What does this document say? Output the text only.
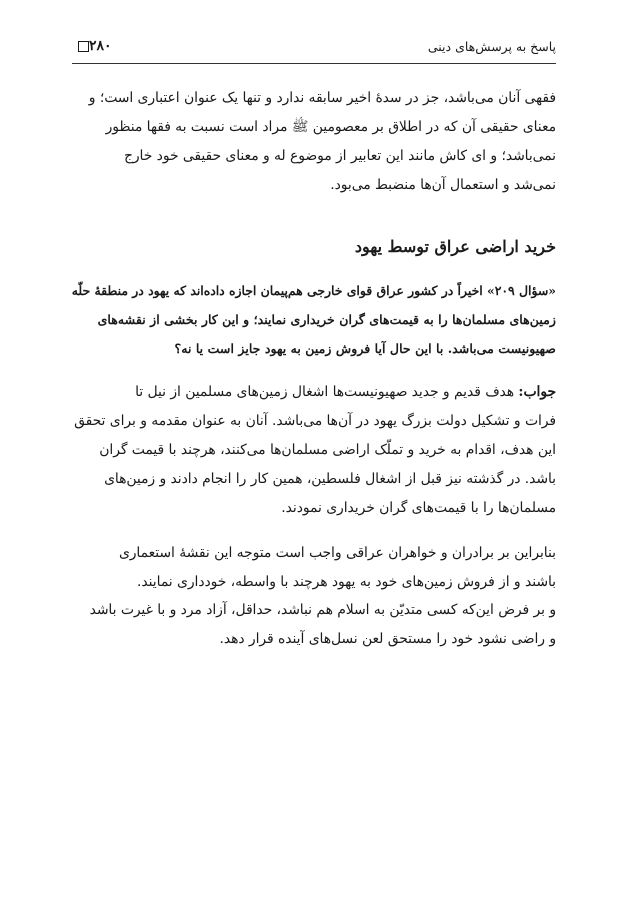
۲۸۰	پاسخ به پرسش‌های دینی
فقهی آنان می‌باشد، جز در سدهٔ اخیر سابقه ندارد و تنها یک عنوان اعتباری است؛ و
معنای حقیقی آن که در اطلاق بر معصومین ﷺ مراد است نسبت به فقها منظور
نمی‌باشد؛ و ای کاش مانند این تعابیر از موضوع له و معنای حقیقی خود خارج
نمی‌شد و استعمال آن‌ها منضبط می‌بود.
خرید اراضی عراق توسط یهود
«سؤال ۲۰۹» اخیراً در کشور عراق قوای خارجی هم‌پیمان اجازه داده‌اند که یهود در منطقهٔ حلّه
زمین‌های مسلمان‌ها را به قیمت‌های گران خریداری نمایند؛ و این کار بخشی از نقشه‌های
صهیونیست می‌باشد. با این حال آیا فروش زمین به یهود جایز است یا نه؟
جواب: هدف قدیم و جدید صهیونیست‌ها اشغال زمین‌های مسلمین از نیل تا
فرات و تشکیل دولت بزرگ یهود در آن‌ها می‌باشد. آنان به عنوان مقدمه و برای تحقق
این هدف، اقدام به خرید و تملّک اراضی مسلمان‌ها می‌کنند، هرچند با قیمت گران
باشد. در گذشته نیز قبل از اشغال فلسطین، همین کار را انجام دادند و زمین‌های
مسلمان‌ها را با قیمت‌های گران خریداری نمودند.
بنابراین بر برادران و خواهران عراقی واجب است متوجه این نقشهٔ استعماری
باشند و از فروش زمین‌های خود به یهود هرچند با واسطه، خودداری نمایند.
و بر فرض این‌که کسی متدیّن به اسلام هم نباشد، حداقل، آزاد مرد و با غیرت باشد
و راضی نشود خود را مستحق لعن نسل‌های آینده قرار دهد.
